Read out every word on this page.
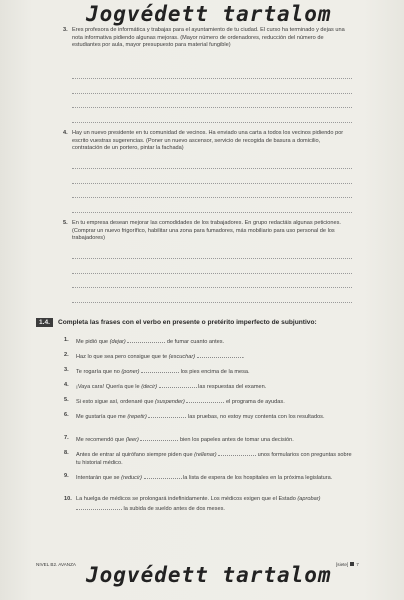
Jogvédett tartalom
3. Eres profesora de informática y trabajas para el ayuntamiento de tu ciudad. El curso ha terminado y dejas una nota informativa pidiendo algunas mejoras. (Mayor número de ordenadores, reducción del número de estudiantes por aula, mayor presupuesto para material fungible)
4. Hay un nuevo presidente en tu comunidad de vecinos. Ha enviado una carta a todos los vecinos pidiendo por escrito vuestras sugerencias. (Poner un nuevo ascensor, servicio de recogida de basura a domicilio, contratación de un portero, pintar la fachada)
5. En tu empresa desean mejorar las comodidades de los trabajadores. En grupo redactáis algunas peticiones. (Comprar un nuevo frigorífico, habilitar una zona para fumadores, más mobiliario para uso personal de los trabajadores)
1.4. Completa las frases con el verbo en presente o pretérito imperfecto de subjuntivo:
1.	Me pidió que (dejar)	de fumar cuanto antes.
2.	Haz lo que sea pero consigue que te (escuchar)	.
3.	Te rogaría que no (poner)	los pies encima de la mesa.
4.	¡Vaya cara! Quería que le (decir)	las respuestas del examen.
5.	Si esto sigue así, ordenaré que (suspender)	el programa de ayudas.
6.	Me gustaría que me (repetir)	las pruebas, no estoy muy contenta con los resultados.
7.	Me recomendó que (leer)	bien los papeles antes de tomar una decisión.
8.	Antes de entrar al quirófano siempre piden que (rellenar)	unos formularios con preguntas sobre tu historial médico.
9.	Intentarán que se (reducir)	la lista de espera de los hospitales en la próxima legislatura.
10. La huelga de médicos se prolongará indefinidamente. Los médicos exigen que el Estado (aprobar)  la subida de sueldo antes de dos meses.
NIVEL B2. AVANZA	[siete] 7
Jogvédett tartalom
